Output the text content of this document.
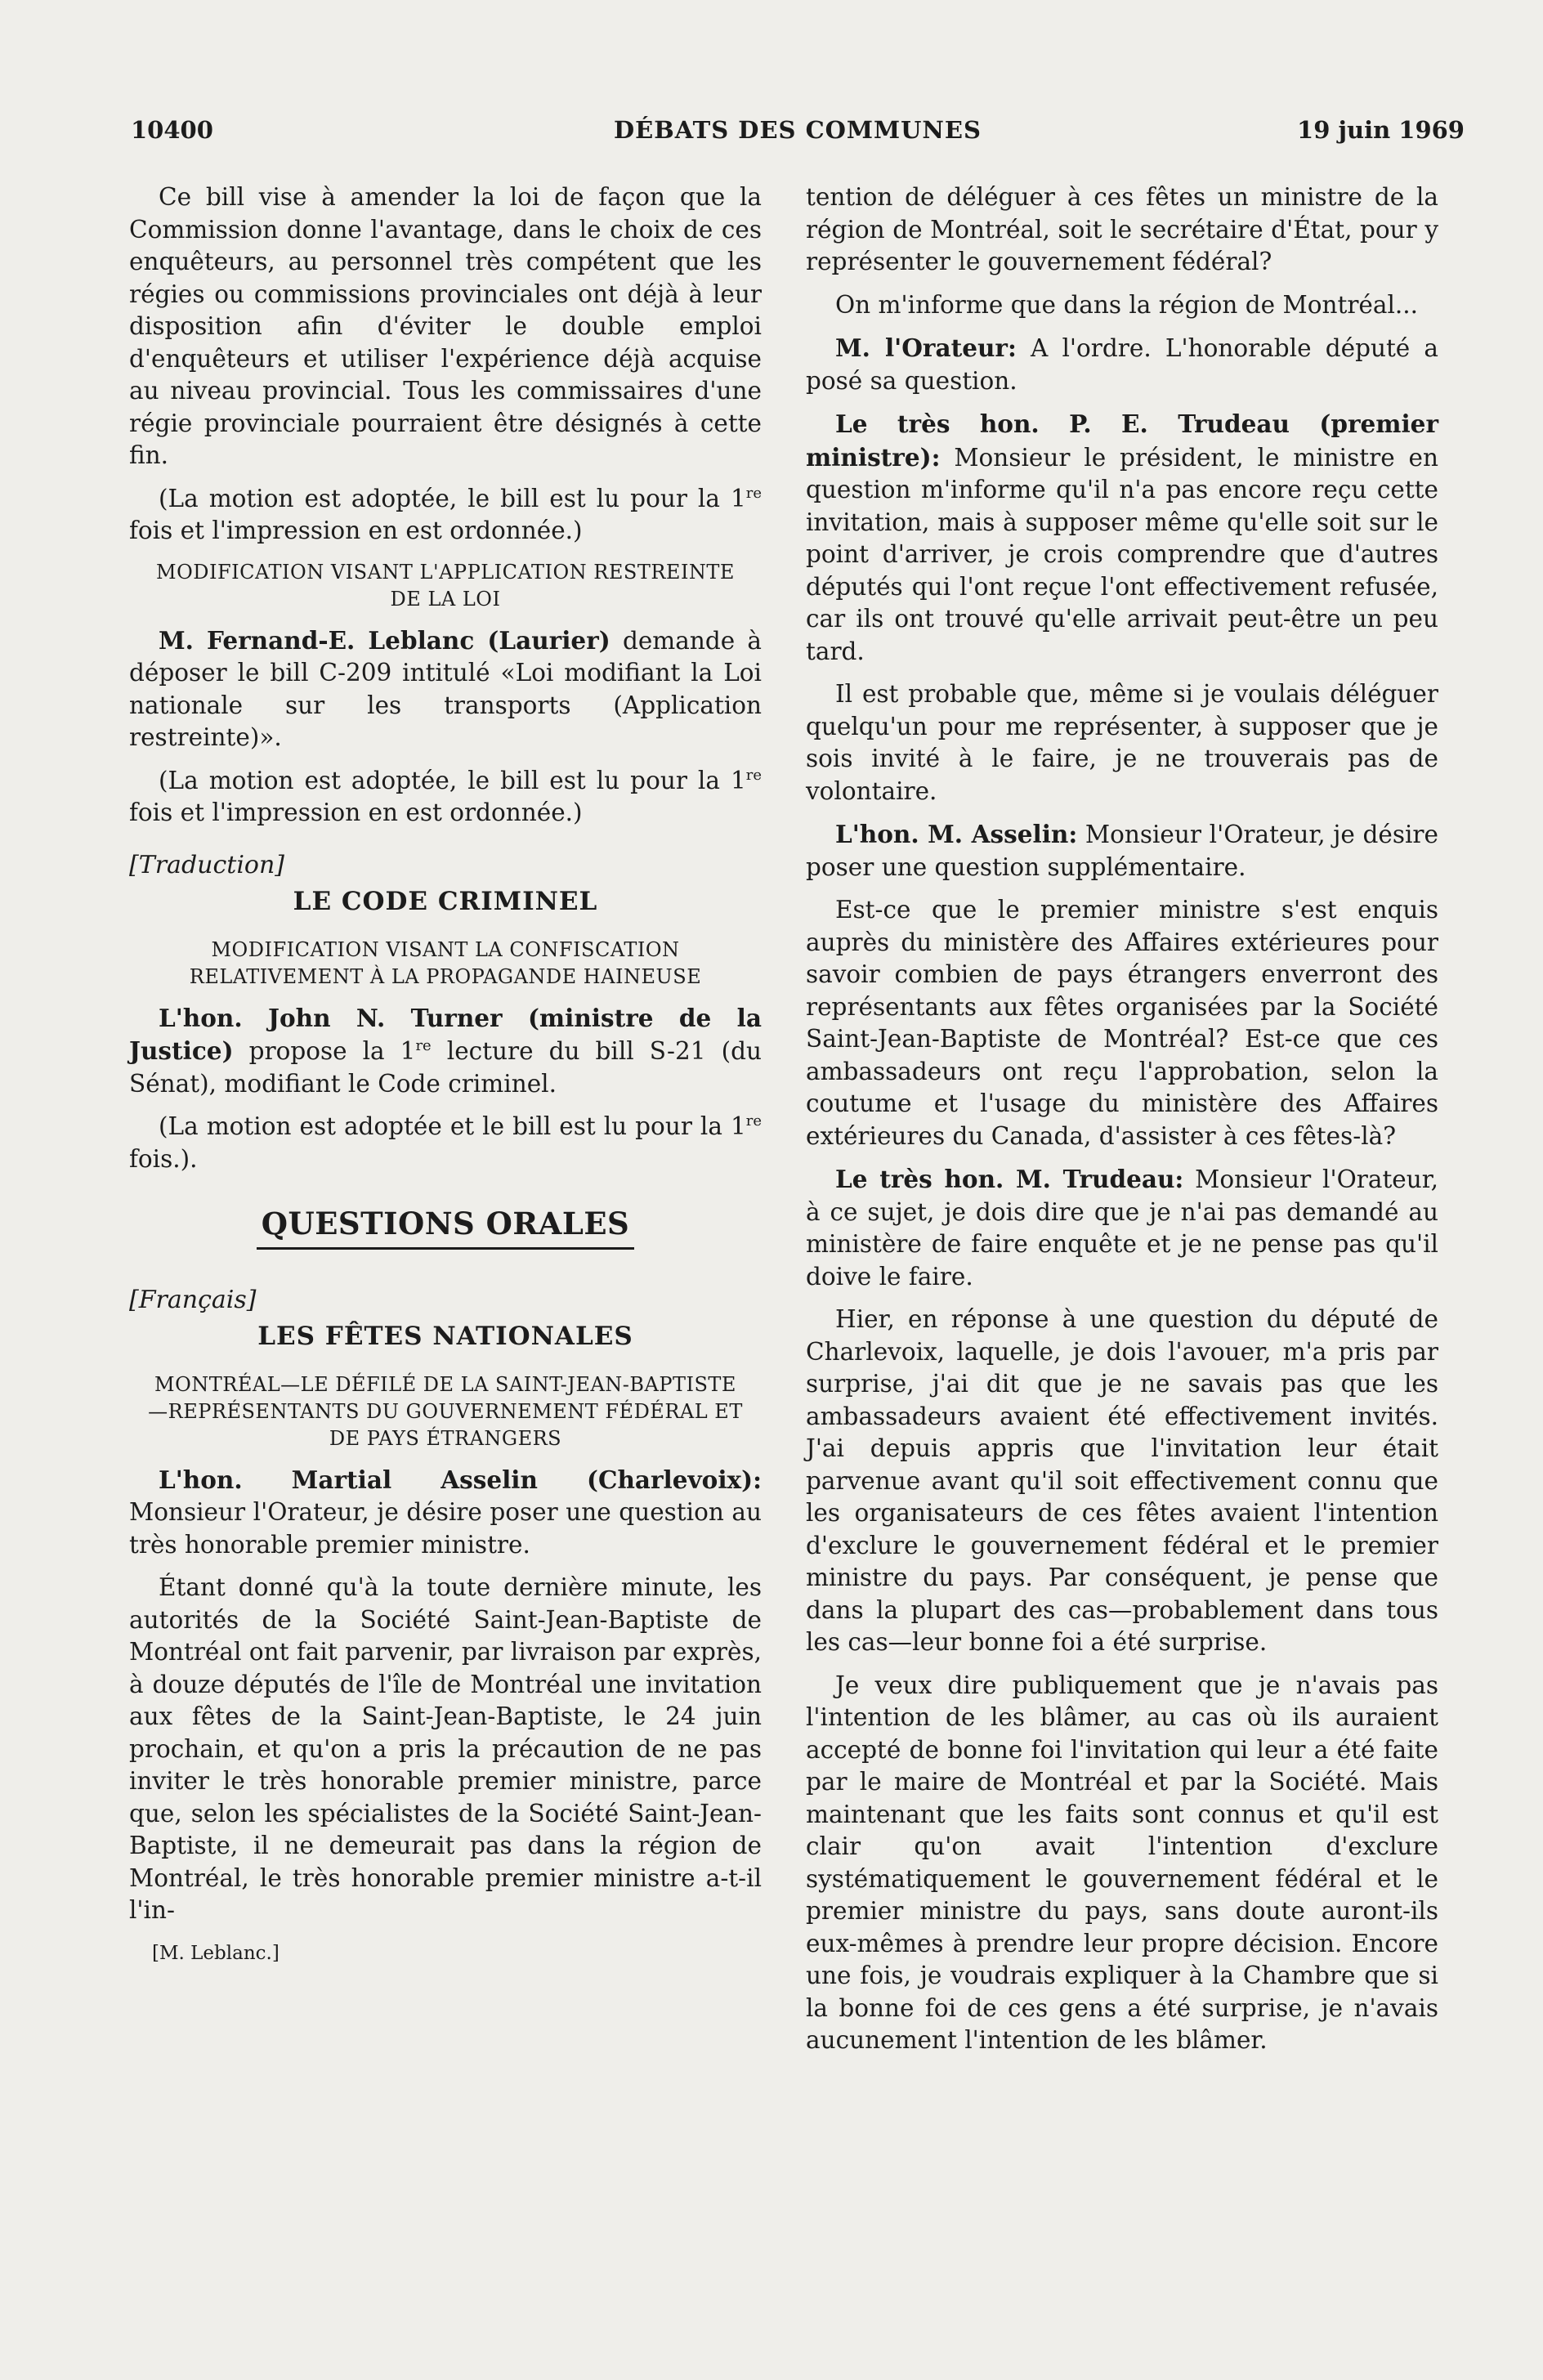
10400	DÉBATS DES COMMUNES	19 juin 1969

Ce bill vise à amender la loi de façon que la Commission donne l'avantage, dans le choix de ces enquêteurs, au personnel très compétent que les régies ou commissions provinciales ont déjà à leur disposition afin d'éviter le double emploi d'enquêteurs et utiliser l'expérience déjà acquise au niveau provincial. Tous les commissaires d'une régie provinciale pourraient être désignés à cette fin.

(La motion est adoptée, le bill est lu pour la 1re fois et l'impression en est ordonnée.)

MODIFICATION VISANT L'APPLICATION RESTREINTE DE LA LOI

M. Fernand-E. Leblanc (Laurier) demande à déposer le bill C-209 intitulé «Loi modifiant la Loi nationale sur les transports (Application restreinte)».

(La motion est adoptée, le bill est lu pour la 1re fois et l'impression en est ordonnée.)

[Traduction]
LE CODE CRIMINEL
MODIFICATION VISANT LA CONFISCATION RELATIVEMENT À LA PROPAGANDE HAINEUSE

L'hon. John N. Turner (ministre de la Justice) propose la 1re lecture du bill S-21 (du Sénat), modifiant le Code criminel.

(La motion est adoptée et le bill est lu pour la 1re fois.).

QUESTIONS ORALES
[Français]
LES FÊTES NATIONALES
MONTRÉAL—LE DÉFILÉ DE LA SAINT-JEAN-BAPTISTE—REPRÉSENTANTS DU GOUVERNEMENT FÉDÉRAL ET DE PAYS ÉTRANGERS

L'hon. Martial Asselin (Charlevoix): Monsieur l'Orateur, je désire poser une question au très honorable premier ministre.

Étant donné qu'à la toute dernière minute, les autorités de la Société Saint-Jean-Baptiste de Montréal ont fait parvenir, par livraison par exprès, à douze députés de l'île de Montréal une invitation aux fêtes de la Saint-Jean-Baptiste, le 24 juin prochain, et qu'on a pris la précaution de ne pas inviter le très honorable premier ministre, parce que, selon les spécialistes de la Société Saint-Jean-Baptiste, il ne demeurait pas dans la région de Montréal, le très honorable premier ministre a-t-il l'in-

[M. Leblanc.]

tention de déléguer à ces fêtes un ministre de la région de Montréal, soit le secrétaire d'État, pour y représenter le gouvernement fédéral?

On m'informe que dans la région de Montréal...

M. l'Orateur: A l'ordre. L'honorable député a posé sa question.

Le très hon. P. E. Trudeau (premier ministre): Monsieur le président, le ministre en question m'informe qu'il n'a pas encore reçu cette invitation, mais à supposer même qu'elle soit sur le point d'arriver, je crois comprendre que d'autres députés qui l'ont reçue l'ont effectivement refusée, car ils ont trouvé qu'elle arrivait peut-être un peu tard.

Il est probable que, même si je voulais déléguer quelqu'un pour me représenter, à supposer que je sois invité à le faire, je ne trouverais pas de volontaire.

L'hon. M. Asselin: Monsieur l'Orateur, je désire poser une question supplémentaire.

Est-ce que le premier ministre s'est enquis auprès du ministère des Affaires extérieures pour savoir combien de pays étrangers enverront des représentants aux fêtes organisées par la Société Saint-Jean-Baptiste de Montréal? Est-ce que ces ambassadeurs ont reçu l'approbation, selon la coutume et l'usage du ministère des Affaires extérieures du Canada, d'assister à ces fêtes-là?

Le très hon. M. Trudeau: Monsieur l'Orateur, à ce sujet, je dois dire que je n'ai pas demandé au ministère de faire enquête et je ne pense pas qu'il doive le faire.

Hier, en réponse à une question du député de Charlevoix, laquelle, je dois l'avouer, m'a pris par surprise, j'ai dit que je ne savais pas que les ambassadeurs avaient été effectivement invités. J'ai depuis appris que l'invitation leur était parvenue avant qu'il soit effectivement connu que les organisateurs de ces fêtes avaient l'intention d'exclure le gouvernement fédéral et le premier ministre du pays. Par conséquent, je pense que dans la plupart des cas—probablement dans tous les cas—leur bonne foi a été surprise.

Je veux dire publiquement que je n'avais pas l'intention de les blâmer, au cas où ils auraient accepté de bonne foi l'invitation qui leur a été faite par le maire de Montréal et par la Société. Mais maintenant que les faits sont connus et qu'il est clair qu'on avait l'intention d'exclure systématiquement le gouvernement fédéral et le premier ministre du pays, sans doute auront-ils eux-mêmes à prendre leur propre décision. Encore une fois, je voudrais expliquer à la Chambre que si la bonne foi de ces gens a été surprise, je n'avais aucunement l'intention de les blâmer.
